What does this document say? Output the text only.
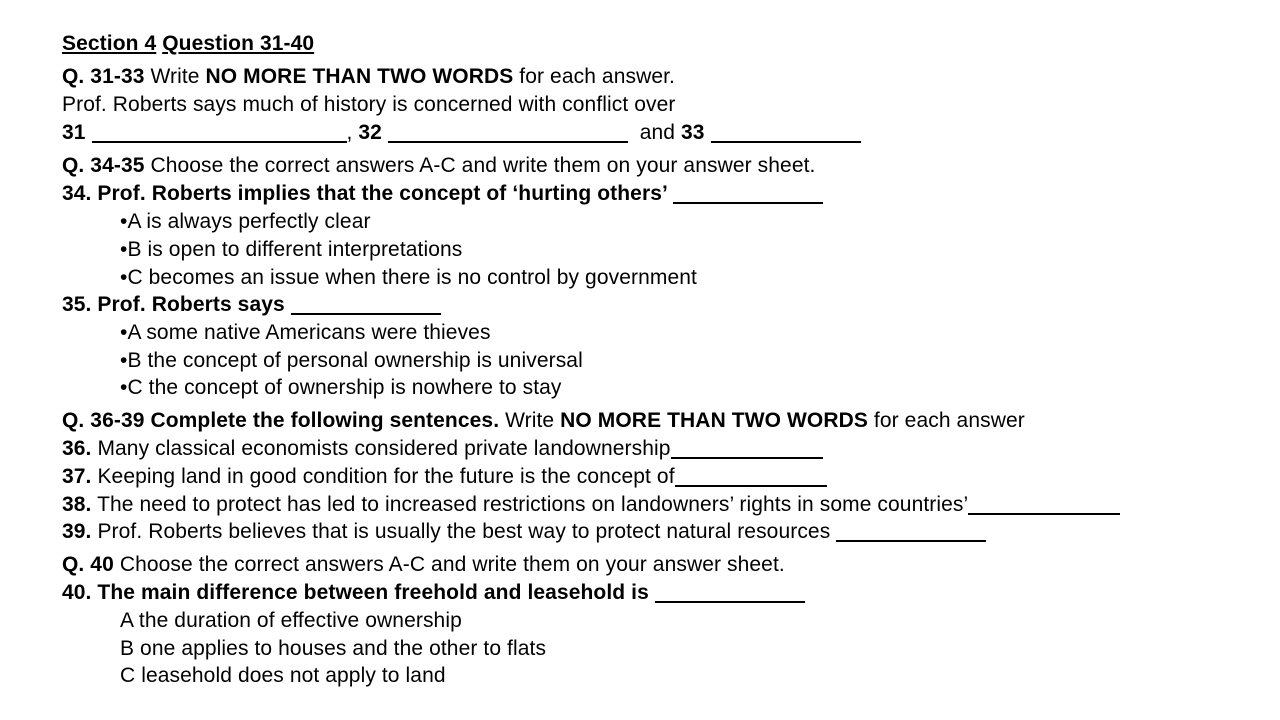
Section 4 Question 31-40
Q. 31-33 Write NO MORE THAN TWO WORDS for each answer.
Prof. Roberts says much of history is concerned with conflict over
31	, 32	and 33
Q. 34-35 Choose the correct answers A-C and write them on your answer sheet.
34. Prof. Roberts implies that the concept of ‘hurting others’
•A is always perfectly clear
•B is open to different interpretations
•C becomes an issue when there is no control by government
35. Prof. Roberts says
•A some native Americans were thieves
•B the concept of personal ownership is universal
•C the concept of ownership is nowhere to stay
Q. 36-39 Complete the following sentences. Write NO MORE THAN TWO WORDS for each answer
36. Many classical economists considered private landownership
37. Keeping land in good condition for the future is the concept of
38. The need to protect has led to increased restrictions on landowners’ rights in some countries’
39. Prof. Roberts believes that is usually the best way to protect natural resources
Q. 40 Choose the correct answers A-C and write them on your answer sheet.
40. The main difference between freehold and leasehold is
A the duration of effective ownership
B one applies to houses and the other to flats
C leasehold does not apply to land
